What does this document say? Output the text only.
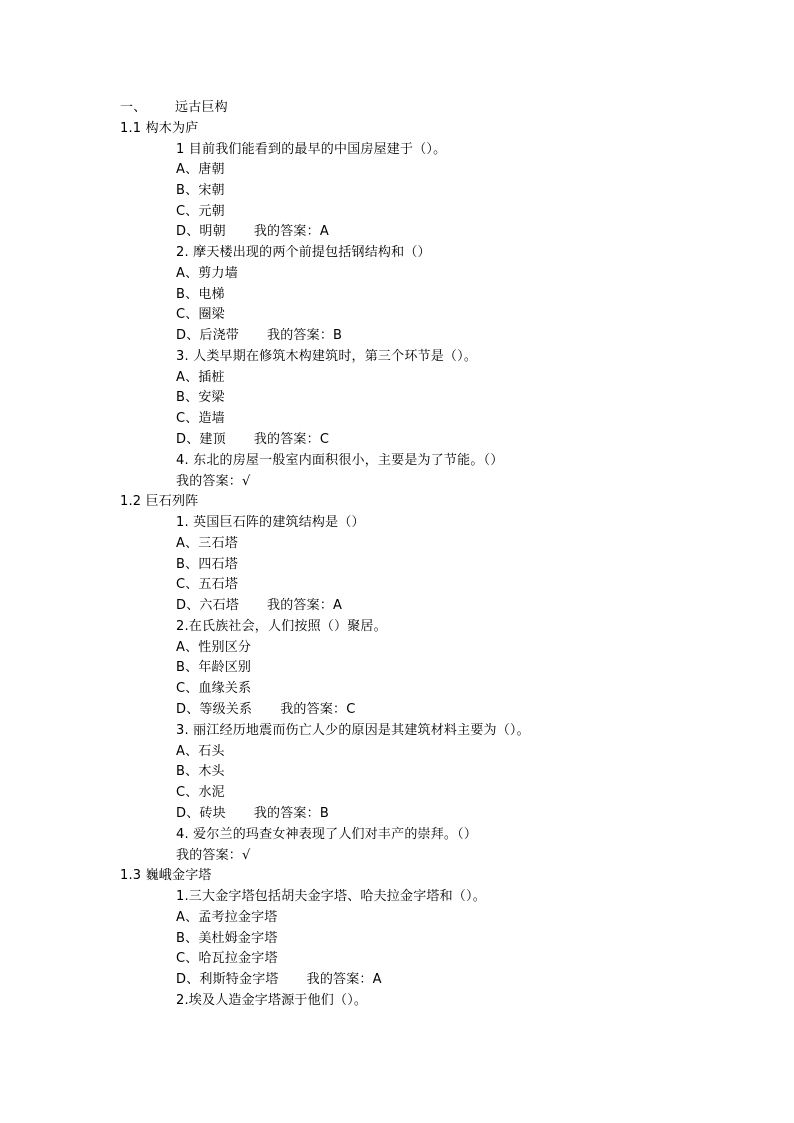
一、 远古巨构
1.1 构木为庐
1 目前我们能看到的最早的中国房屋建于（）。
A、唐朝
B、宋朝
C、元朝
D、明朝 我的答案：A
2. 摩天楼出现的两个前提包括钢结构和（）
A、剪力墙
B、电梯
C、圈梁
D、后浇带 我的答案：B
3. 人类早期在修筑木构建筑时，第三个环节是（）。
A、插桩
B、安梁
C、造墙
D、建顶 我的答案：C
4. 东北的房屋一般室内面积很小，主要是为了节能。（）
我的答案：√
1.2 巨石列阵
1. 英国巨石阵的建筑结构是（）
A、三石塔
B、四石塔
C、五石塔
D、六石塔 我的答案：A
2.在氏族社会，人们按照（）聚居。
A、性别区分
B、年龄区别
C、血缘关系
D、等级关系 我的答案：C
3. 丽江经历地震而伤亡人少的原因是其建筑材料主要为（）。
A、石头
B、木头
C、水泥
D、砖块 我的答案：B
4. 爱尔兰的玛查女神表现了人们对丰产的崇拜。（）
我的答案：√
1.3 巍峨金字塔
1.三大金字塔包括胡夫金字塔、哈夫拉金字塔和（）。
A、孟考拉金字塔
B、美杜姆金字塔
C、哈瓦拉金字塔
D、利斯特金字塔 我的答案：A
2.埃及人造金字塔源于他们（）。
